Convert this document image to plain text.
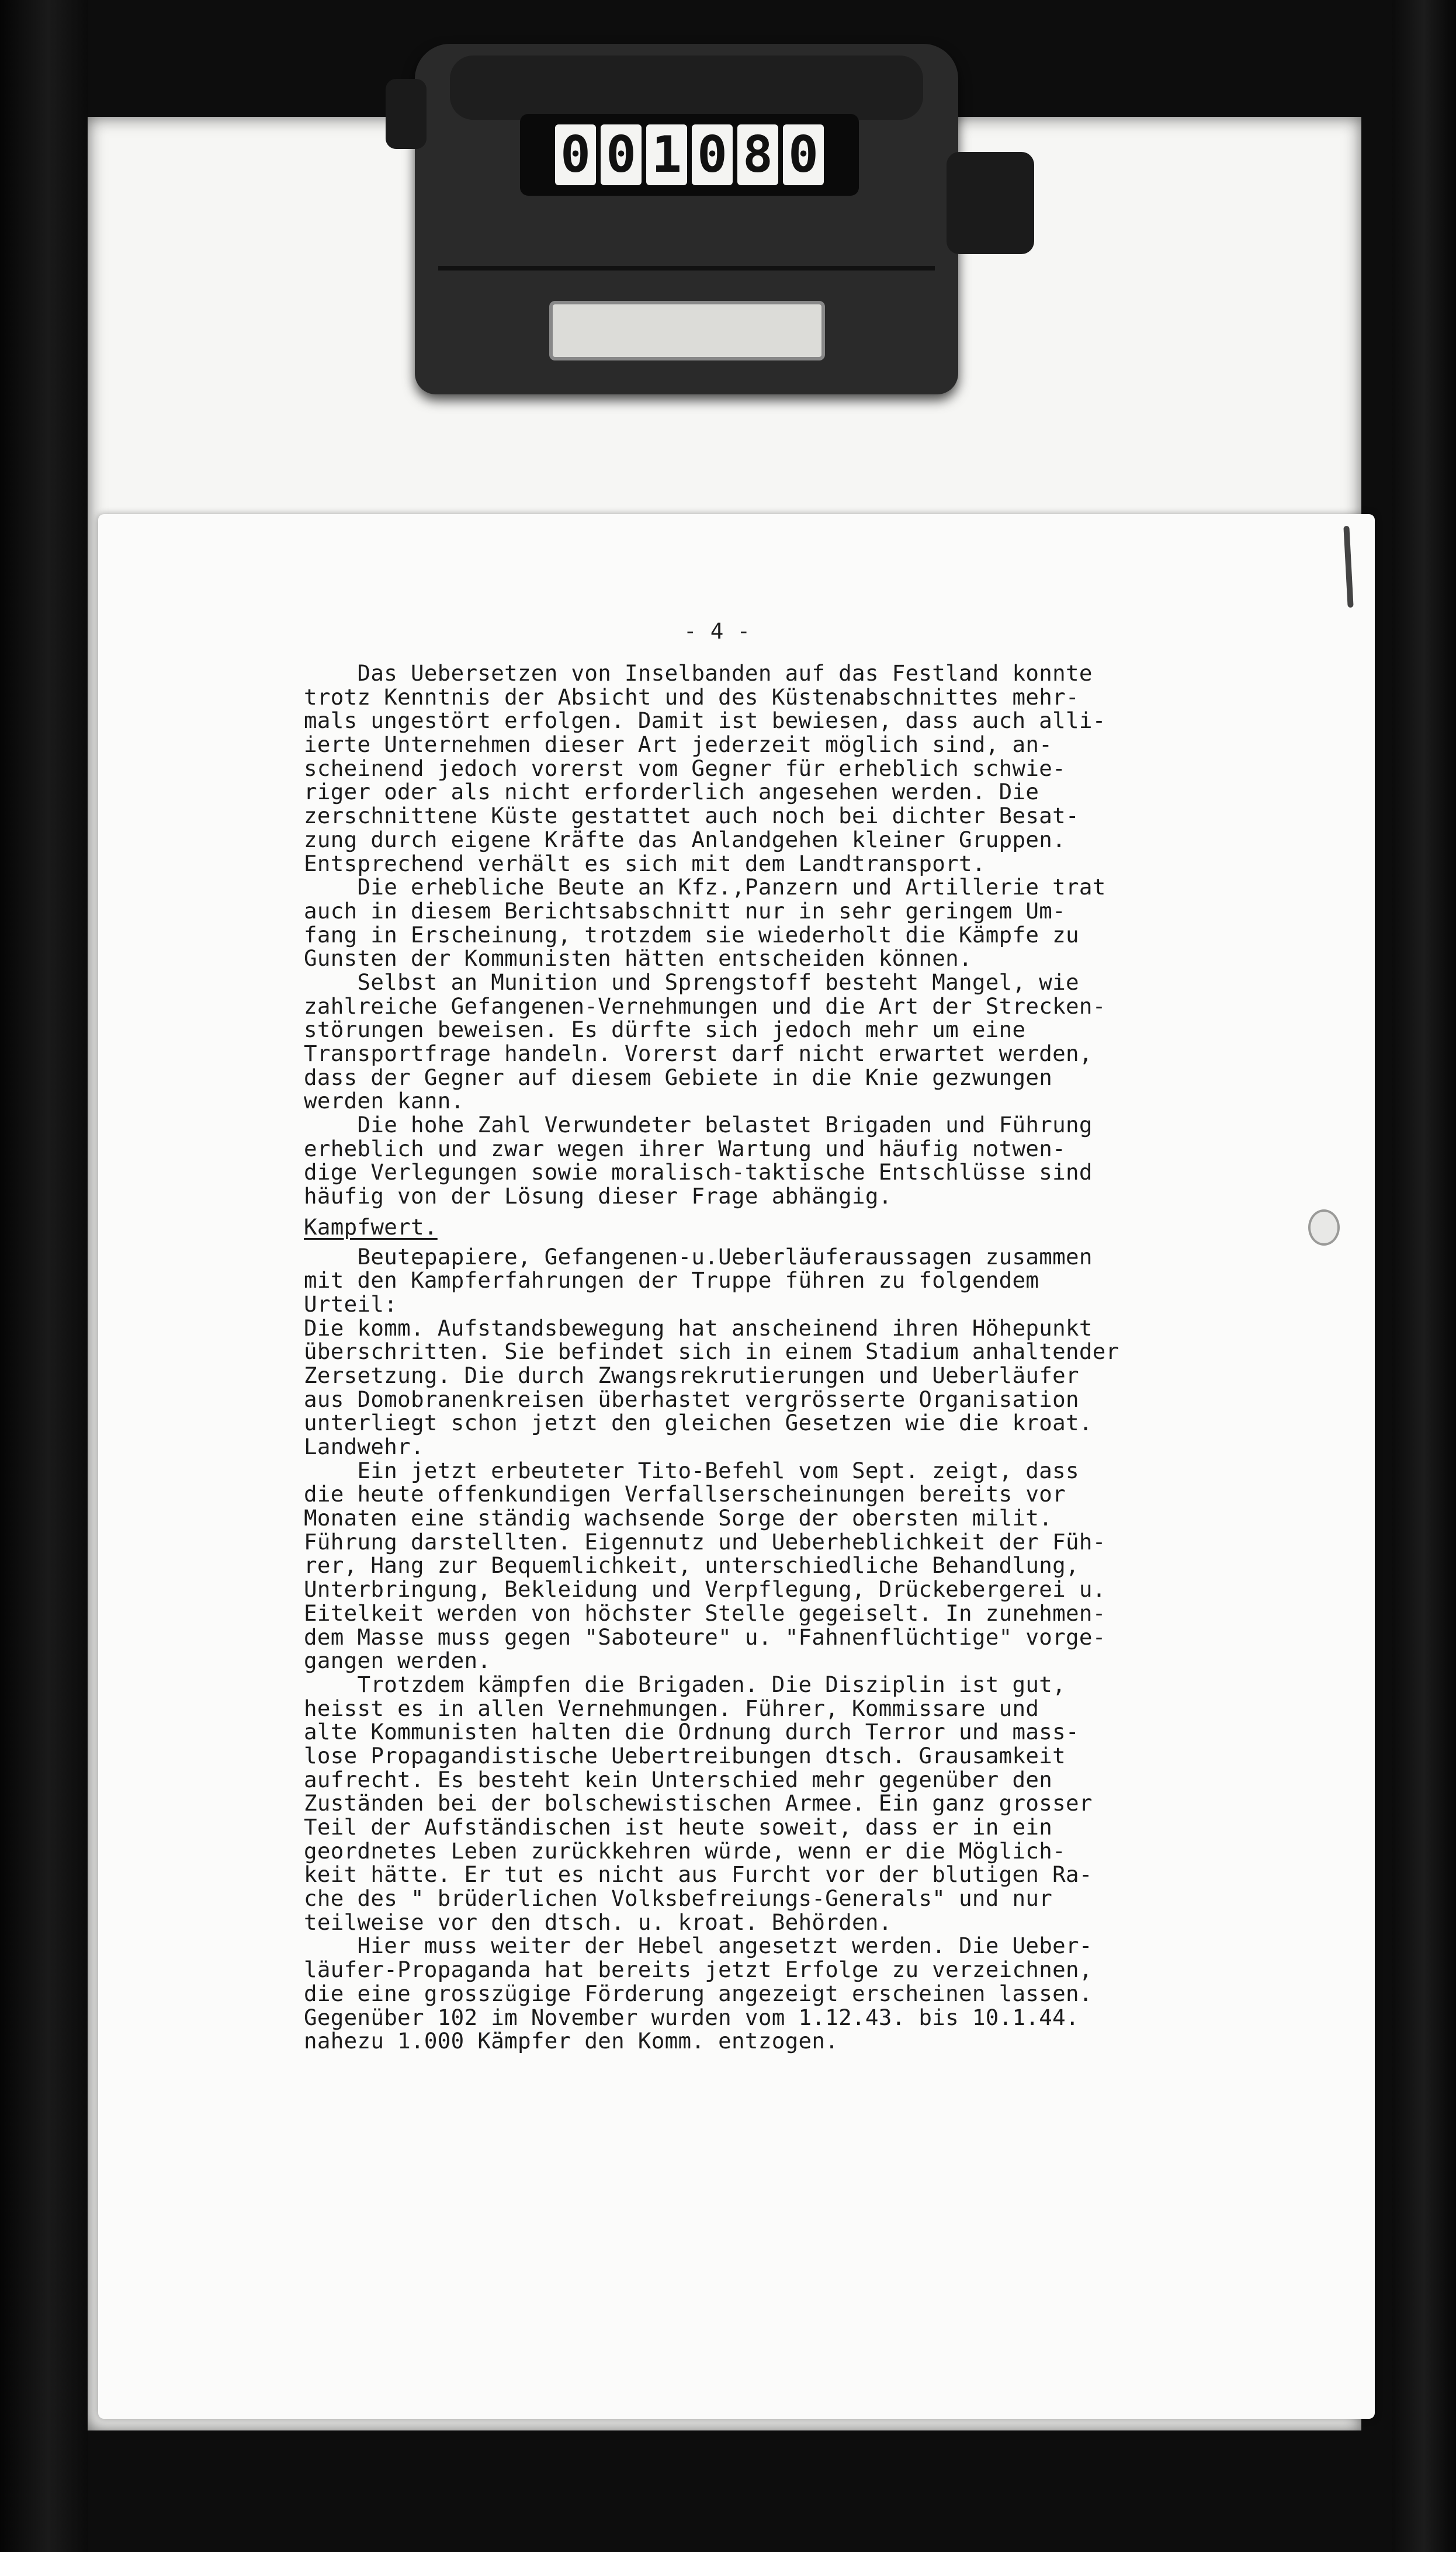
0 0 1 0 8 0
- 4 -
Das Uebersetzen von Inselbanden auf das Festland konnte
trotz Kenntnis der Absicht und des Küstenabschnittes mehr-
mals ungestört erfolgen. Damit ist bewiesen, dass auch alli-
ierte Unternehmen dieser Art jederzeit möglich sind, an-
scheinend jedoch vorerst vom Gegner für erheblich schwie-
riger oder als nicht erforderlich angesehen werden. Die
zerschnittene Küste gestattet auch noch bei dichter Besat-
zung durch eigene Kräfte das Anlandgehen kleiner Gruppen.
Entsprechend verhält es sich mit dem Landtransport.
Die erhebliche Beute an Kfz.,Panzern und Artillerie trat
auch in diesem Berichtsabschnitt nur in sehr geringem Um-
fang in Erscheinung, trotzdem sie wiederholt die Kämpfe zu
Gunsten der Kommunisten hätten entscheiden können.
Selbst an Munition und Sprengstoff besteht Mangel, wie
zahlreiche Gefangenen-Vernehmungen und die Art der Strecken-
störungen beweisen. Es dürfte sich jedoch mehr um eine
Transportfrage handeln. Vorerst darf nicht erwartet werden,
dass der Gegner auf diesem Gebiete in die Knie gezwungen
werden kann.
Die hohe Zahl Verwundeter belastet Brigaden und Führung
erheblich und zwar wegen ihrer Wartung und häufig notwen-
dige Verlegungen sowie moralisch-taktische Entschlüsse sind
häufig von der Lösung dieser Frage abhängig.
Kampfwert.
Beutepapiere, Gefangenen-u.Ueberläuferaussagen zusammen
mit den Kampferfahrungen der Truppe führen zu folgendem
Urteil:
Die komm. Aufstandsbewegung hat anscheinend ihren Höhepunkt
überschritten. Sie befindet sich in einem Stadium anhaltender
Zersetzung. Die durch Zwangsrekrutierungen und Ueberläufer
aus Domobranenkreisen überhastet vergrösserte Organisation
unterliegt schon jetzt den gleichen Gesetzen wie die kroat.
Landwehr.
Ein jetzt erbeuteter Tito-Befehl vom Sept. zeigt, dass
die heute offenkundigen Verfallserscheinungen bereits vor
Monaten eine ständig wachsende Sorge der obersten milit.
Führung darstellten. Eigennutz und Ueberheblichkeit der Füh-
rer, Hang zur Bequemlichkeit, unterschiedliche Behandlung,
Unterbringung, Bekleidung und Verpflegung, Drückebergerei u.
Eitelkeit werden von höchster Stelle gegeiselt. In zunehmen-
dem Masse muss gegen "Saboteure" u. "Fahnenflüchtige" vorge-
gangen werden.
Trotzdem kämpfen die Brigaden. Die Disziplin ist gut,
heisst es in allen Vernehmungen. Führer, Kommissare und
alte Kommunisten halten die Ordnung durch Terror und mass-
lose Propagandistische Uebertreibungen dtsch. Grausamkeit
aufrecht. Es besteht kein Unterschied mehr gegenüber den
Zuständen bei der bolschewistischen Armee. Ein ganz grosser
Teil der Aufständischen ist heute soweit, dass er in ein
geordnetes Leben zurückkehren würde, wenn er die Möglich-
keit hätte. Er tut es nicht aus Furcht vor der blutigen Ra-
che des " brüderlichen Volksbefreiungs-Generals" und nur
teilweise vor den dtsch. u. kroat. Behörden.
Hier muss weiter der Hebel angesetzt werden. Die Ueber-
läufer-Propaganda hat bereits jetzt Erfolge zu verzeichnen,
die eine grosszügige Förderung angezeigt erscheinen lassen.
Gegenüber 102 im November wurden vom 1.12.43. bis 10.1.44.
nahezu 1.000 Kämpfer den Komm. entzogen.
